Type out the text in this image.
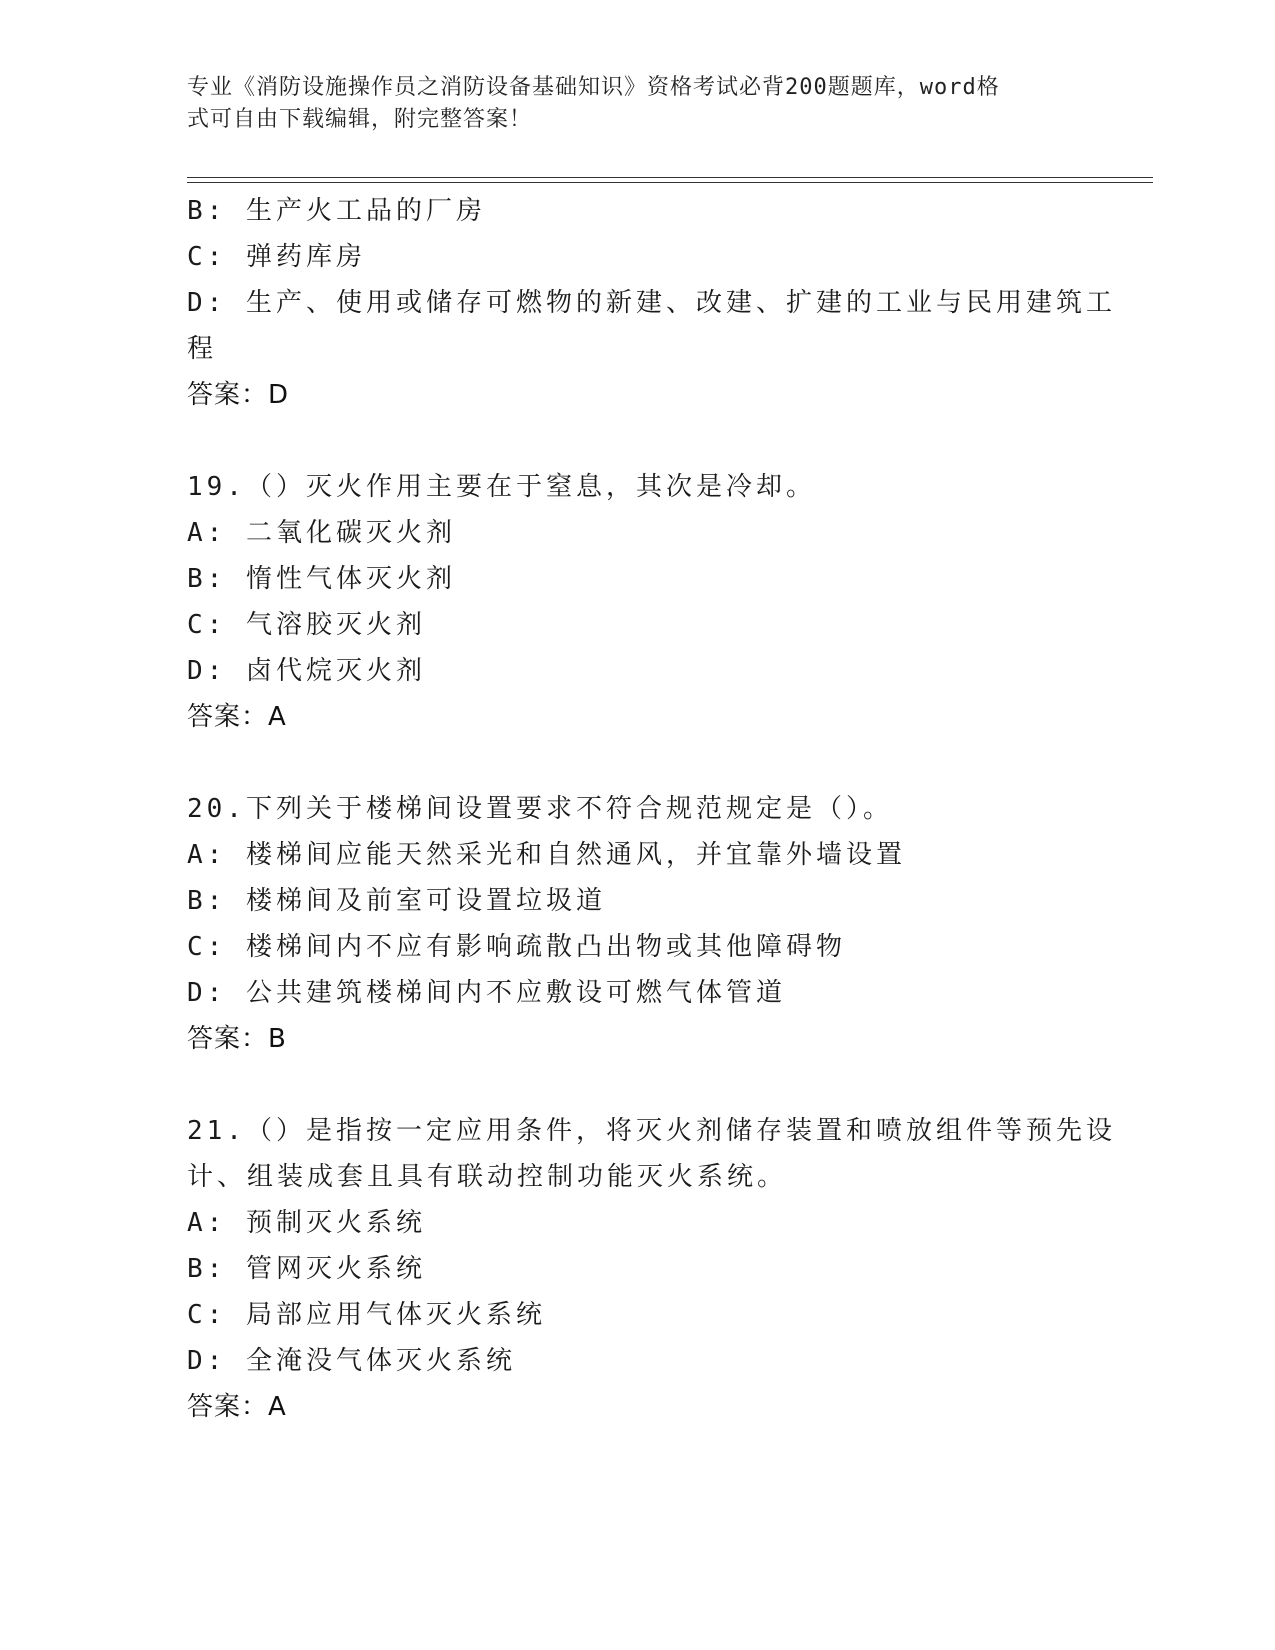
专业《消防设施操作员之消防设备基础知识》资格考试必背200题题库，word格
式可自由下载编辑，附完整答案！
B: 生产火工品的厂房
C: 弹药库房
D: 生产、使用或储存可燃物的新建、改建、扩建的工业与民用建筑工
程
答案：D
19.（）灭火作用主要在于窒息，其次是冷却。
A: 二氧化碳灭火剂
B: 惰性气体灭火剂
C: 气溶胶灭火剂
D: 卤代烷灭火剂
答案：A
20.下列关于楼梯间设置要求不符合规范规定是（）。
A: 楼梯间应能天然采光和自然通风，并宜靠外墙设置
B: 楼梯间及前室可设置垃圾道
C: 楼梯间内不应有影响疏散凸出物或其他障碍物
D: 公共建筑楼梯间内不应敷设可燃气体管道
答案：B
21.（）是指按一定应用条件，将灭火剂储存装置和喷放组件等预先设
计、组装成套且具有联动控制功能灭火系统。
A: 预制灭火系统
B: 管网灭火系统
C: 局部应用气体灭火系统
D: 全淹没气体灭火系统
答案：A
